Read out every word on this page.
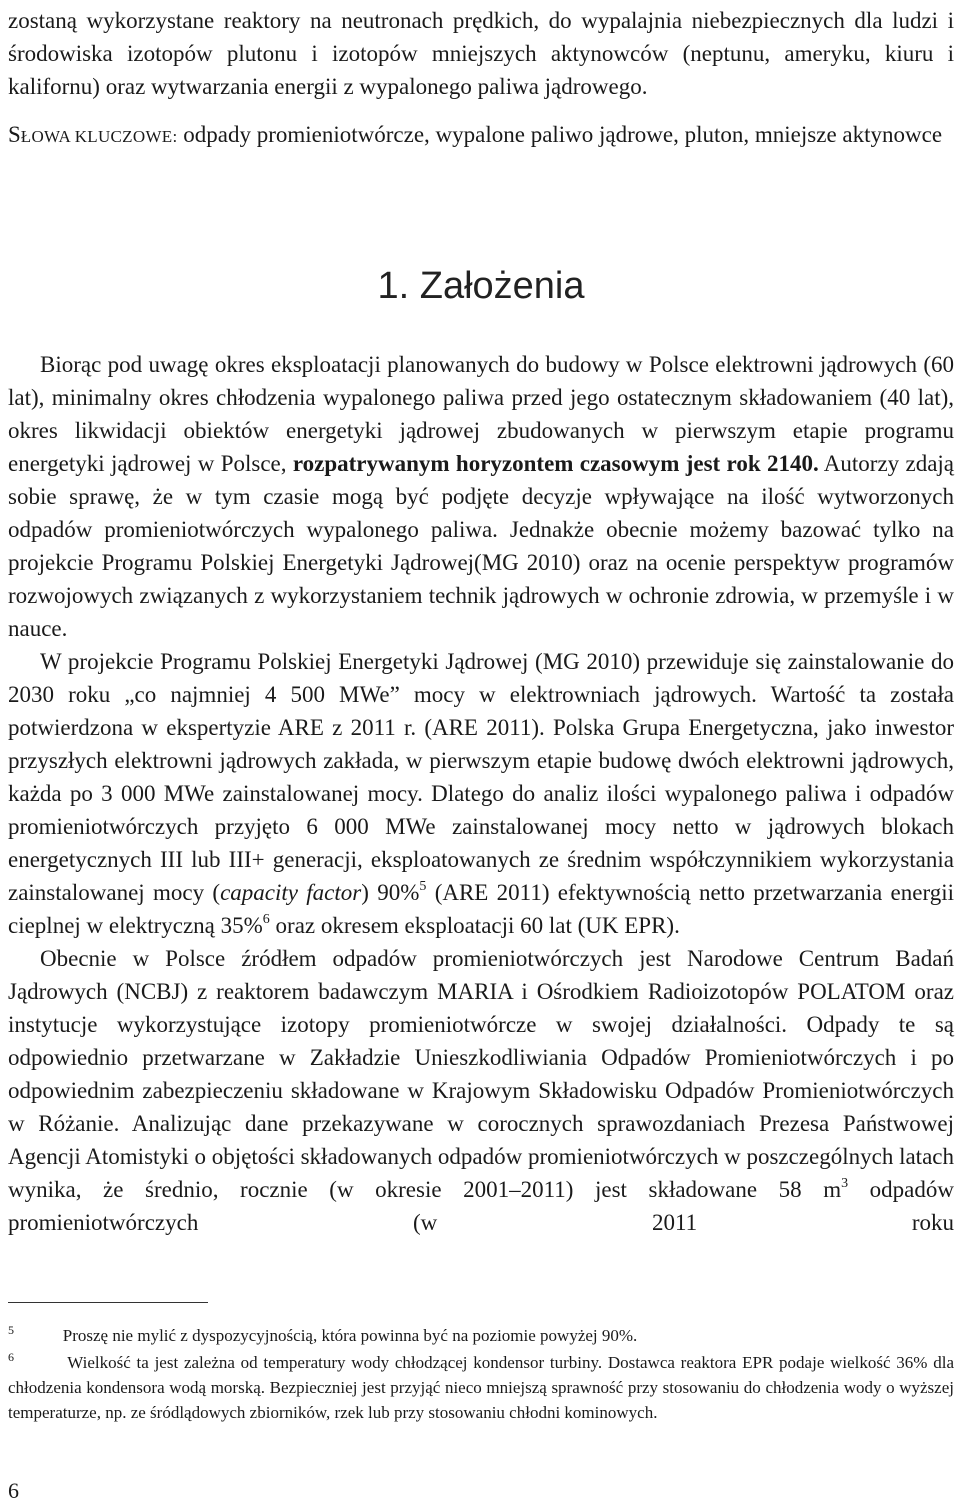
zostaną wykorzystane reaktory na neutronach prędkich, do wypalajnia niebezpiecznych dla ludzi i środowiska izotopów plutonu i izotopów mniejszych aktynowców (neptunu, ameryku, kiuru i kalifornu) oraz wytwarzania energii z wypalonego paliwa jądrowego.

SŁOWA KLUCZOWE: odpady promieniotwórcze, wypalone paliwo jądrowe, pluton, mniejsze aktynowce
1. Założenia

Biorąc pod uwagę okres eksploatacji planowanych do budowy w Polsce elektrowni jądrowych (60 lat), minimalny okres chłodzenia wypalonego paliwa przed jego ostatecznym składowaniem (40 lat), okres likwidacji obiektów energetyki jądrowej zbudowanych w pierwszym etapie programu energetyki jądrowej w Polsce, rozpatrywanym horyzontem czasowym jest rok 2140. Autorzy zdają sobie sprawę, że w tym czasie mogą być podjęte decyzje wpływające na ilość wytworzonych odpadów promieniotwórczych wypalonego paliwa. Jednakże obecnie możemy bazować tylko na projekcie Programu Polskiej Energetyki Jądrowej(MG 2010) oraz na ocenie perspektyw programów rozwojowych związanych z wykorzystaniem technik jądrowych w ochronie zdrowia, w przemyśle i w nauce.

W projekcie Programu Polskiej Energetyki Jądrowej (MG 2010) przewiduje się zainstalowanie do 2030 roku „co najmniej 4 500 MWe” mocy w elektrowniach jądrowych. Wartość ta została potwierdzona w ekspertyzie ARE z 2011 r. (ARE 2011). Polska Grupa Energetyczna, jako inwestor przyszłych elektrowni jądrowych zakłada, w pierwszym etapie budowę dwóch elektrowni jądrowych, każda po 3 000 MWe zainstalowanej mocy. Dlatego do analiz ilości wypalonego paliwa i odpadów promieniotwórczych przyjęto 6 000 MWe zainstalowanej mocy netto w jądrowych blokach energetycznych III lub III+ generacji, eksploatowanych ze średnim współczynnikiem wykorzystania zainstalowanej mocy (capacity factor) 90%$^5$ (ARE 2011) efektywnością netto przetwarzania energii cieplnej w elektryczną 35%$^6$ oraz okresem eksploatacji 60 lat (UK EPR).

Obecnie w Polsce źródłem odpadów promieniotwórczych jest Narodowe Centrum Badań Jądrowych (NCBJ) z reaktorem badawczym MARIA i Ośrodkiem Radioizotopów POLATOM oraz instytucje wykorzystujące izotopy promieniotwórcze w swojej działalności. Odpady te są odpowiednio przetwarzane w Zakładzie Unieszkodliwiania Odpadów Promieniotwórczych i po odpowiednim zabezpieczeniu składowane w Krajowym Składowisku Odpadów Promieniotwórczych w Różanie. Analizując dane przekazywane w corocznych sprawozdaniach Prezesa Państwowej Agencji Atomistyki o objętości składowanych odpadów promieniotwórczych w poszczególnych latach wynika, że średnio, rocznie (w okresie 2001–2011) jest składowane 58 $m^3$ odpadów promieniotwórczych (w 2011 roku

$^5$	Proszę nie mylić z dyspozycyjnością, która powinna być na poziomie powyżej 90%.

$^6$	Wielkość ta jest zależna od temperatury wody chłodzącej kondensor turbiny. Dostawca reaktora EPR podaje wielkość 36% dla chłodzenia kondensora wodą morską. Bezpieczniej jest przyjąć nieco mniejszą sprawność przy stosowaniu do chłodzenia wody o wyższej temperaturze, np. ze śródlądowych zbiorników, rzek lub przy stosowaniu chłodni kominowych.

6
